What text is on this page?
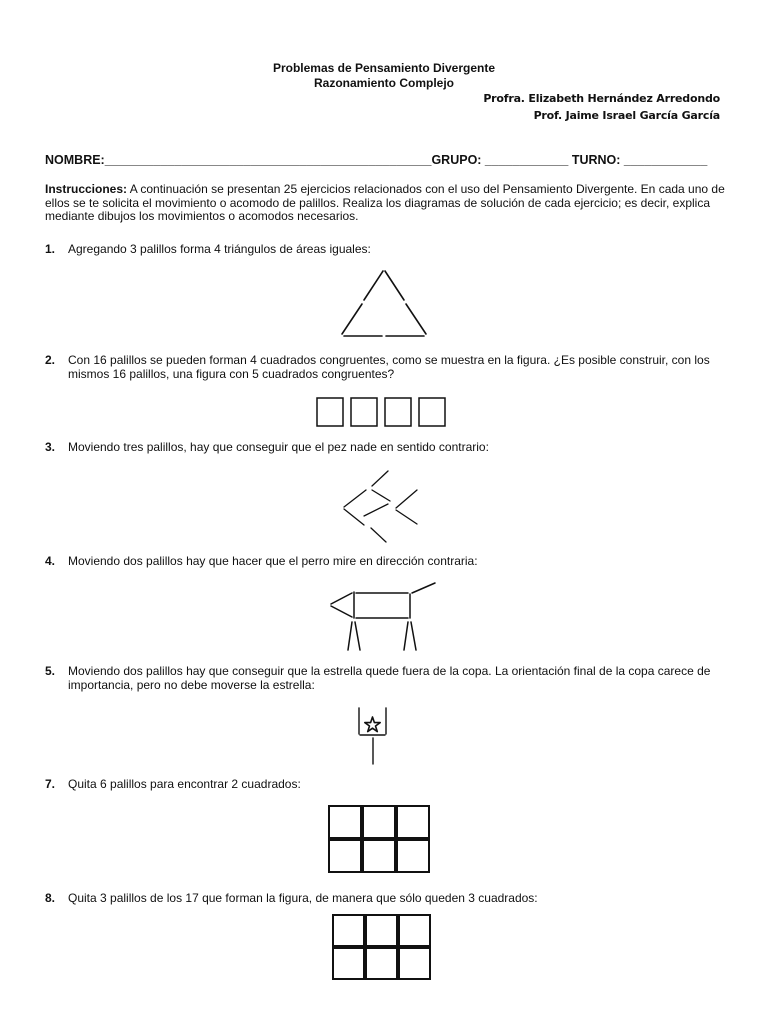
Problemas de Pensamiento Divergente
Razonamiento Complejo
Profra. Elizabeth Hernández Arredondo
Prof. Jaime Israel García García
NOMBRE:_______________________________________________GRUPO: ____________ TURNO: ____________
Instrucciones: A continuación se presentan 25 ejercicios relacionados con el uso del Pensamiento Divergente. En cada uno de ellos se te solicita el movimiento o acomodo de palillos. Realiza los diagramas de solución de cada ejercicio; es decir, explica mediante dibujos los movimientos o acomodos necesarios.
1. Agregando 3 palillos forma 4 triángulos de áreas iguales:
2. Con 16 palillos se pueden forman 4 cuadrados congruentes, como se muestra en la figura. ¿Es posible construir, con los mismos 16 palillos, una figura con 5 cuadrados congruentes?
3. Moviendo tres palillos, hay que conseguir que el pez nade en sentido contrario:
4. Moviendo dos palillos hay que hacer que el perro mire en dirección contraria:
5. Moviendo dos palillos hay que conseguir que la estrella quede fuera de la copa. La orientación final de la copa carece de importancia, pero no debe moverse la estrella:
7. Quita 6 palillos para encontrar 2 cuadrados:
8. Quita 3 palillos de los 17 que forman la figura, de manera que sólo queden 3 cuadrados:
